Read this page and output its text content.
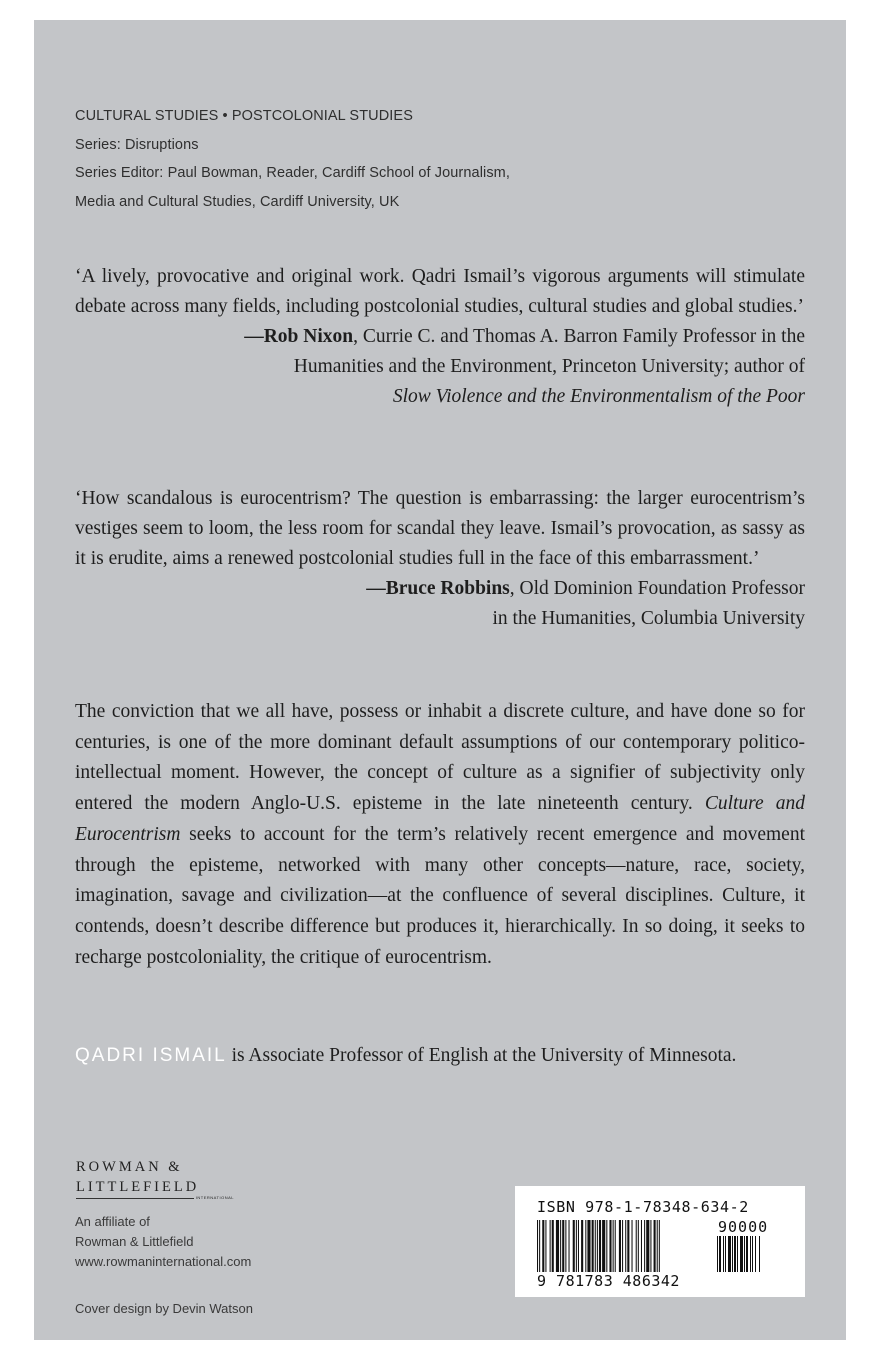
CULTURAL STUDIES • POSTCOLONIAL STUDIES
Series: Disruptions
Series Editor: Paul Bowman, Reader, Cardiff School of Journalism,
Media and Cultural Studies, Cardiff University, UK

‘A lively, provocative and original work. Qadri Ismail’s vigorous arguments will stimulate debate across many fields, including postcolonial studies, cultural studies and global studies.’

—Rob Nixon, Currie C. and Thomas A. Barron Family Professor in the
Humanities and the Environment, Princeton University; author of
Slow Violence and the Environmentalism of the Poor

‘How scandalous is eurocentrism? The question is embarrassing: the larger eurocentrism’s vestiges seem to loom, the less room for scandal they leave. Ismail’s provocation, as sassy as it is erudite, aims a renewed postcolonial studies full in the face of this embarrassment.’

—Bruce Robbins, Old Dominion Foundation Professor
in the Humanities, Columbia University

The conviction that we all have, possess or inhabit a discrete culture, and have done so for centuries, is one of the more dominant default assumptions of our contemporary politico-intellectual moment. However, the concept of culture as a signifier of subjectivity only entered the modern Anglo-U.S. episteme in the late nineteenth century. Culture and Eurocentrism seeks to account for the term’s relatively recent emergence and movement through the episteme, networked with many other concepts—nature, race, society, imagination, savage and civilization—at the confluence of several disciplines. Culture, it contends, doesn’t describe difference but produces it, hierarchically. In so doing, it seeks to recharge postcoloniality, the critique of eurocentrism.

QADRI ISMAIL is Associate Professor of English at the University of Minnesota.

ROWMAN &
LITTLEFIELD
INTERNATIONAL
An affiliate of
Rowman & Littlefield
www.rowmaninternational.com
Cover design by Devin Watson
ISBN 978-1-78348-634-2
90000
9 781783 486342
